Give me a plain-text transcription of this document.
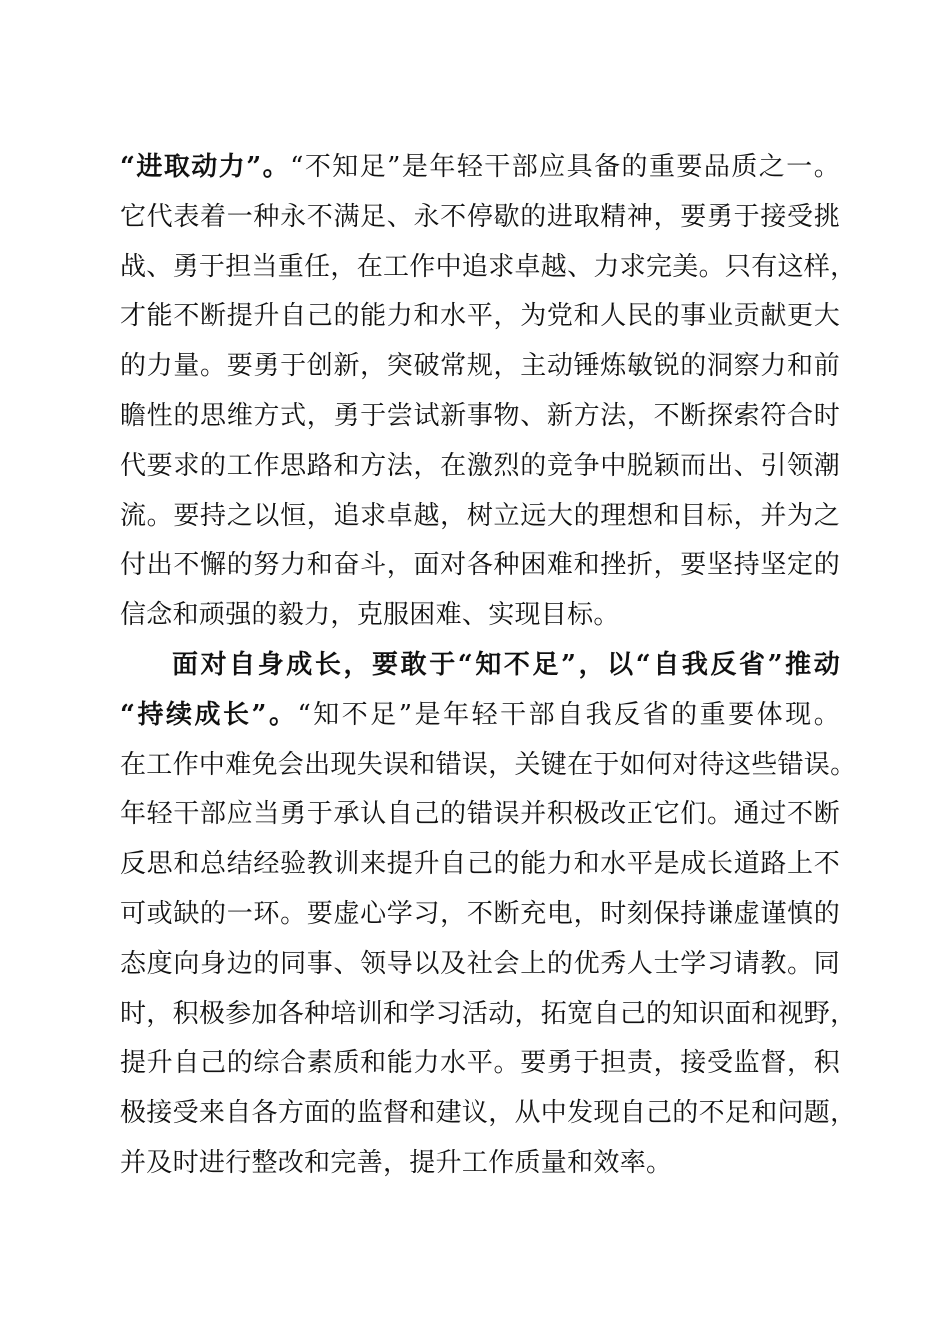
“进取动力”。“不知足”是年轻干部应具备的重要品质之一。
它代表着一种永不满足、永不停歇的进取精神，要勇于接受挑
战、勇于担当重任，在工作中追求卓越、力求完美。只有这样，
才能不断提升自己的能力和水平，为党和人民的事业贡献更大
的力量。要勇于创新，突破常规，主动锤炼敏锐的洞察力和前
瞻性的思维方式，勇于尝试新事物、新方法，不断探索符合时
代要求的工作思路和方法，在激烈的竞争中脱颖而出、引领潮
流。要持之以恒，追求卓越，树立远大的理想和目标，并为之
付出不懈的努力和奋斗，面对各种困难和挫折，要坚持坚定的
信念和顽强的毅力，克服困难、实现目标。
面对自身成长，要敢于“知不足”，以“自我反省”推动
“持续成长”。“知不足”是年轻干部自我反省的重要体现。
在工作中难免会出现失误和错误，关键在于如何对待这些错误。
年轻干部应当勇于承认自己的错误并积极改正它们。通过不断
反思和总结经验教训来提升自己的能力和水平是成长道路上不
可或缺的一环。要虚心学习，不断充电，时刻保持谦虚谨慎的
态度向身边的同事、领导以及社会上的优秀人士学习请教。同
时，积极参加各种培训和学习活动，拓宽自己的知识面和视野，
提升自己的综合素质和能力水平。要勇于担责，接受监督，积
极接受来自各方面的监督和建议，从中发现自己的不足和问题，
并及时进行整改和完善，提升工作质量和效率。
